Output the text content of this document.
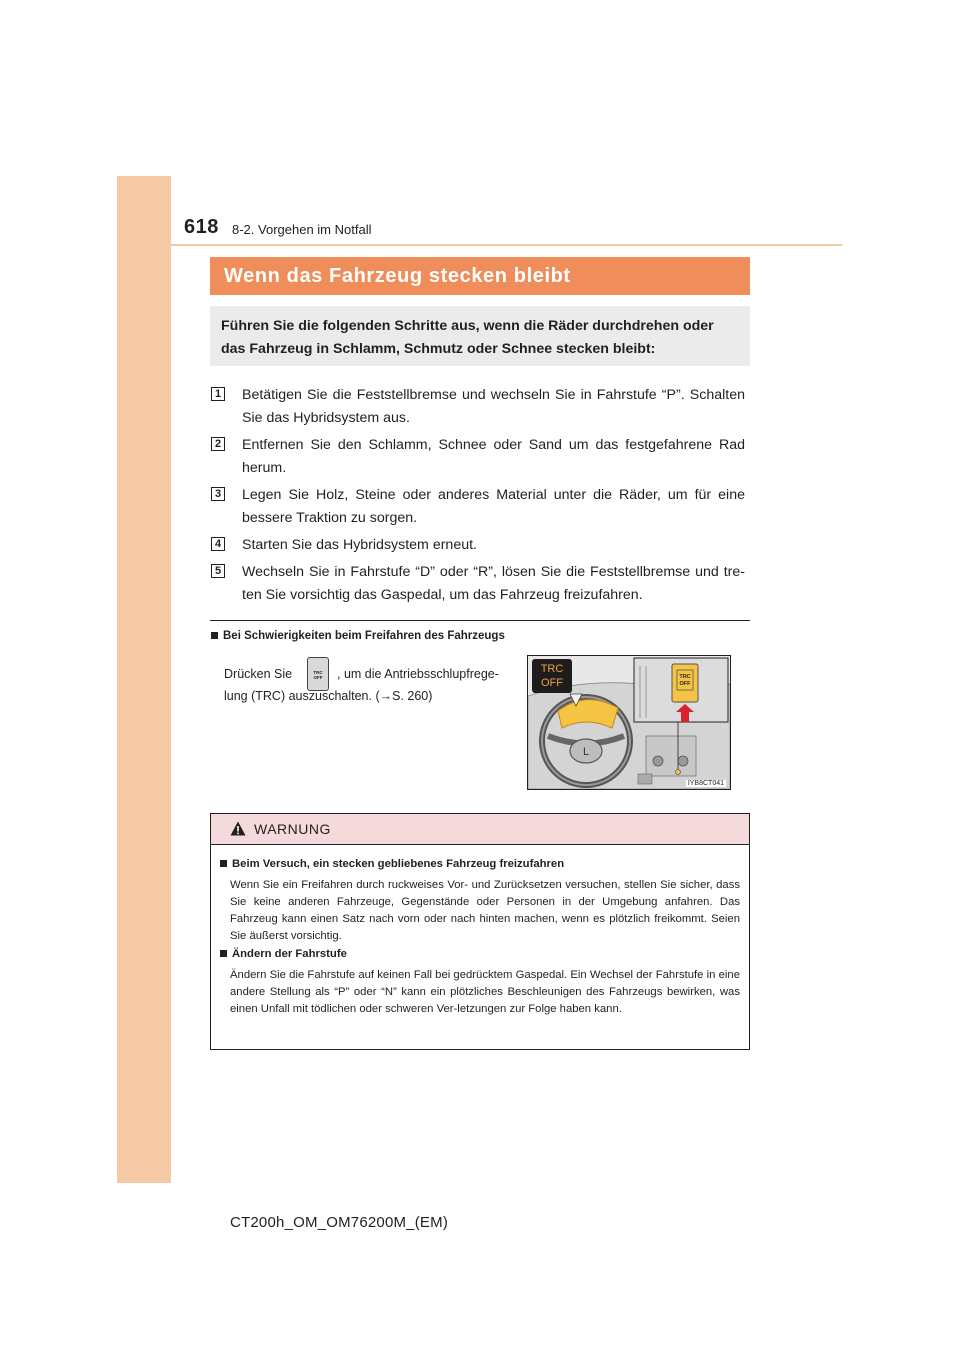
618 8-2. Vorgehen im Notfall
Wenn das Fahrzeug stecken bleibt
Führen Sie die folgenden Schritte aus, wenn die Räder durchdrehen oder das Fahrzeug in Schlamm, Schmutz oder Schnee stecken bleibt:
1 Betätigen Sie die Feststellbremse und wechseln Sie in Fahrstufe “P”. Schalten Sie das Hybridsystem aus.
2 Entfernen Sie den Schlamm, Schnee oder Sand um das festgefahrene Rad herum.
3 Legen Sie Holz, Steine oder anderes Material unter die Räder, um für eine bessere Traktion zu sorgen.
4 Starten Sie das Hybridsystem erneut.
5 Wechseln Sie in Fahrstufe “D” oder “R”, lösen Sie die Feststellbremse und tre-ten Sie vorsichtig das Gaspedal, um das Fahrzeug freizufahren.
Bei Schwierigkeiten beim Freifahren des Fahrzeugs
Drücken Sie	TRC
OFF	, um die Antriebsschlupfrege-
lung (TRC) auszuschalten. (→S. 260)
L
TRC
OFF	TRC
OFF
IYB8CT041
WARNUNG
Beim Versuch, ein stecken gebliebenes Fahrzeug freizufahren
Wenn Sie ein Freifahren durch ruckweises Vor- und Zurücksetzen versuchen, stellen Sie sicher, dass Sie keine anderen Fahrzeuge, Gegenstände oder Personen in der Umgebung anfahren. Das Fahrzeug kann einen Satz nach vorn oder nach hinten machen, wenn es plötzlich freikommt. Seien Sie äußerst vorsichtig.
Ändern der Fahrstufe
Ändern Sie die Fahrstufe auf keinen Fall bei gedrücktem Gaspedal. Ein Wechsel der Fahrstufe in eine andere Stellung als “P” oder “N” kann ein plötzliches Beschleunigen des Fahrzeugs bewirken, was einen Unfall mit tödlichen oder schweren Ver-letzungen zur Folge haben kann.
CT200h_OM_OM76200M_(EM)
